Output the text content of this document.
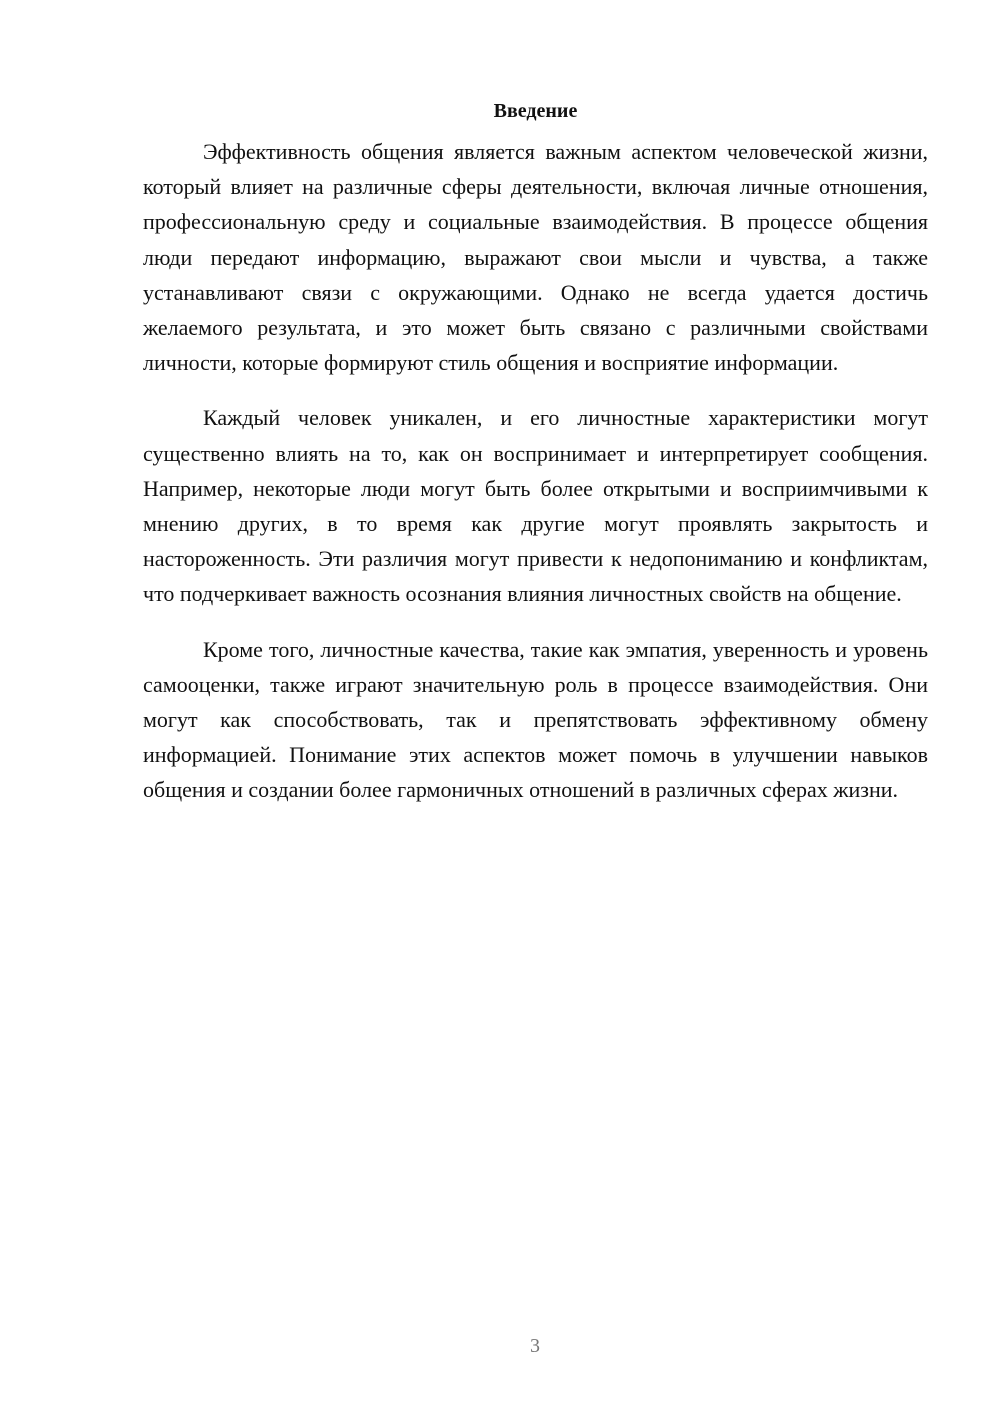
Введение

Эффективность общения является важным аспектом человеческой жизни, который влияет на различные сферы деятельности, включая личные отношения, профессиональную среду и социальные взаимодействия. В процессе общения люди передают информацию, выражают свои мысли и чувства, а также устанавливают связи с окружающими. Однако не всегда удается достичь желаемого результата, и это может быть связано с различными свойствами личности, которые формируют стиль общения и восприятие информации.

Каждый человек уникален, и его личностные характеристики могут существенно влиять на то, как он воспринимает и интерпретирует сообщения. Например, некоторые люди могут быть более открытыми и восприимчивыми к мнению других, в то время как другие могут проявлять закрытость и настороженность. Эти различия могут привести к недопониманию и конфликтам, что подчеркивает важность осознания влияния личностных свойств на общение.

Кроме того, личностные качества, такие как эмпатия, уверенность и уровень самооценки, также играют значительную роль в процессе взаимодействия. Они могут как способствовать, так и препятствовать эффективному обмену информацией. Понимание этих аспектов может помочь в улучшении навыков общения и создании более гармоничных отношений в различных сферах жизни.

3
